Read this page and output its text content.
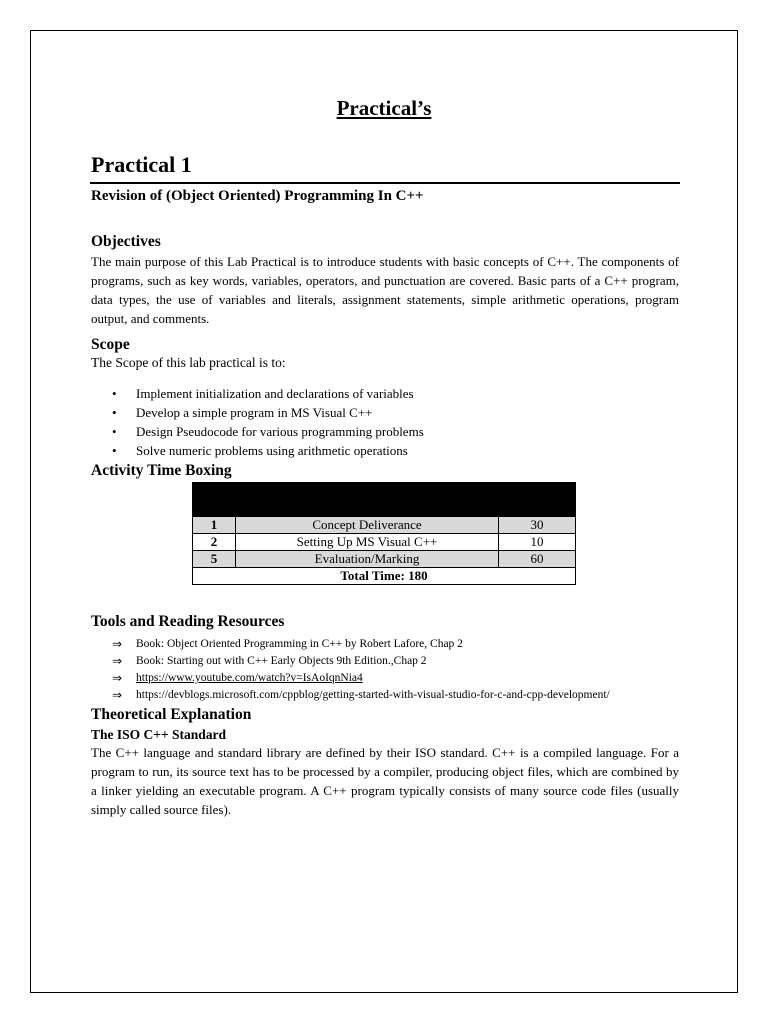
Practical’s
Practical 1
Revision of (Object Oriented) Programming In C++
Objectives
The main purpose of this Lab Practical is to introduce students with basic concepts of C++. The components of programs, such as key words, variables, operators, and punctuation are covered. Basic parts of a C++ program, data types, the use of variables and literals, assignment statements, simple arithmetic operations, program output, and comments.
Scope
The Scope of this lab practical is to:
• Implement initialization and declarations of variables
• Develop a simple program in MS Visual C++
• Design Pseudocode for various programming problems
• Solve numeric problems using arithmetic operations
Activity Time Boxing

1	Concept Deliverance	30
2	Setting Up MS Visual C++	10
5	Evaluation/Marking	60
Total Time: 180		
Tools and Reading Resources
⇒ Book: Object Oriented Programming in C++ by Robert Lafore, Chap 2
⇒ Book: Starting out with C++ Early Objects 9th Edition.,Chap 2
⇒ https://www.youtube.com/watch?v=IsAoIqnNia4
⇒ https://devblogs.microsoft.com/cppblog/getting-started-with-visual-studio-for-c-and-cpp-development/
Theoretical Explanation
The ISO C++ Standard
The C++ language and standard library are defined by their ISO standard. C++ is a compiled language. For a program to run, its source text has to be processed by a compiler, producing object files, which are combined by a linker yielding an executable program. A C++ program typically consists of many source code files (usually simply called source files).
